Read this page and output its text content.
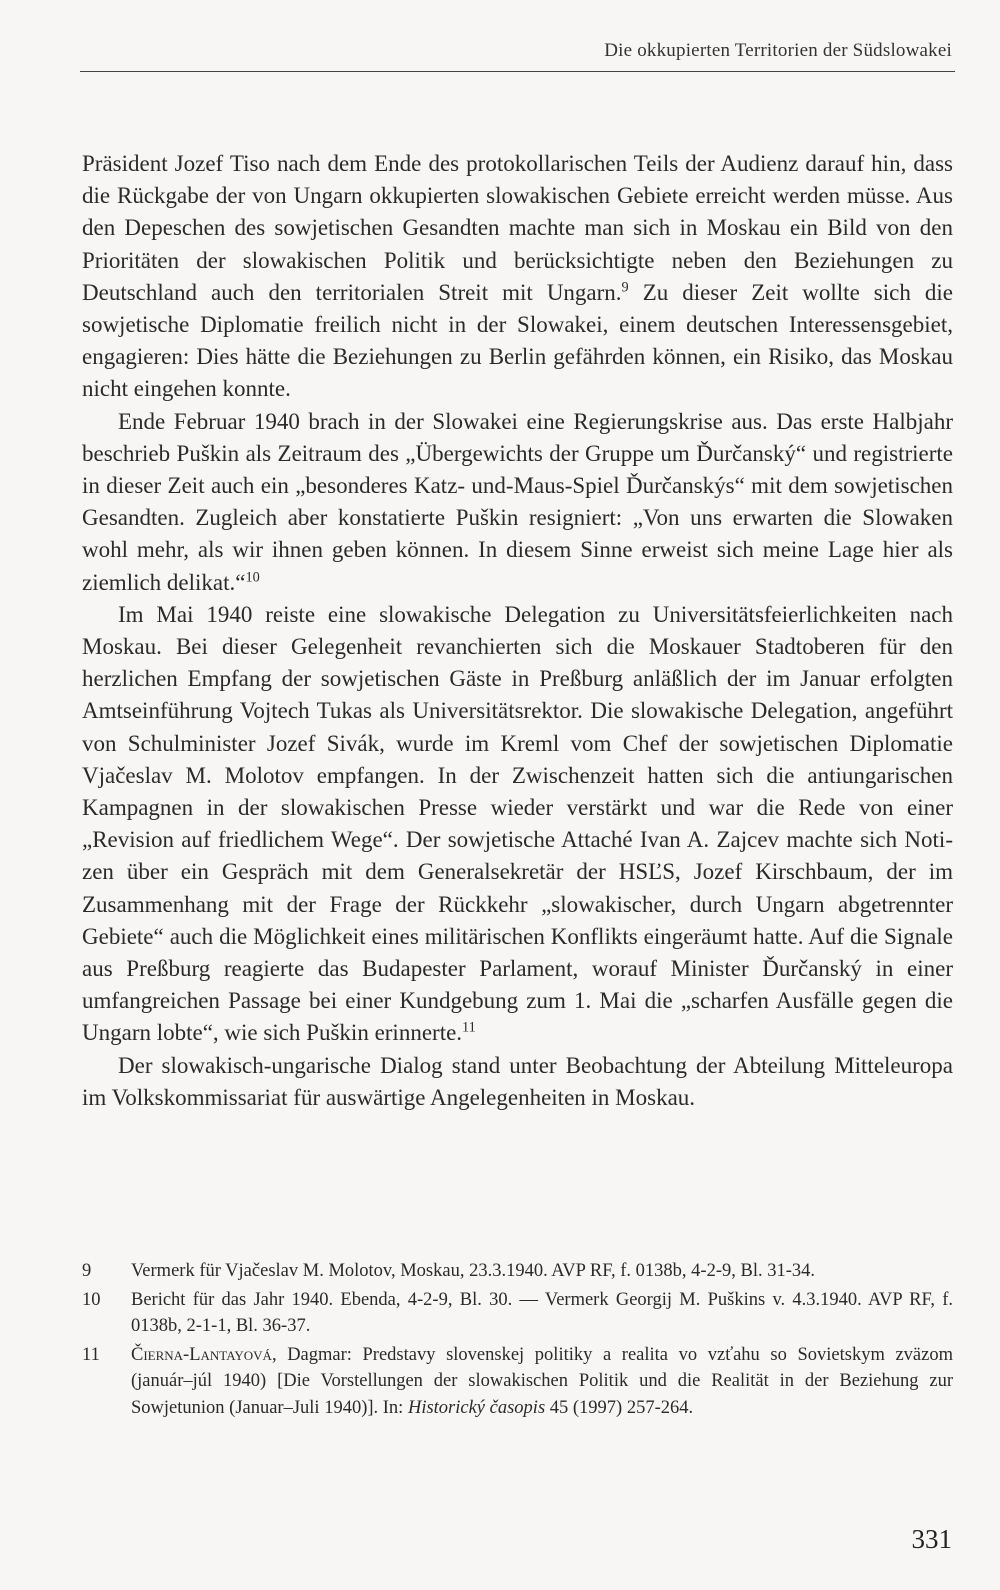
Die okkupierten Territorien der Südslowakei

Präsident Jozef Tiso nach dem Ende des protokollarischen Teils der Audienz darauf hin, dass die Rückgabe der von Ungarn okkupierten slowakischen Gebiete erreicht werden müsse. Aus den Depeschen des sowjetischen Gesandten machte man sich in Moskau ein Bild von den Prioritäten der slowakischen Politik und berücksichtigte neben den Beziehungen zu Deutschland auch den territorialen Streit mit Ungarn.$^9$ Zu dieser Zeit wollte sich die sowjetische Diplomatie freilich nicht in der Slowakei, einem deutschen Interessensgebiet, engagieren: Dies hätte die Beziehungen zu Berlin gefährden können, ein Risiko, das Moskau nicht eingehen konnte.

Ende Februar 1940 brach in der Slowakei eine Regierungskrise aus. Das erste Halbjahr beschrieb Puškin als Zeitraum des „Übergewichts der Gruppe um Ďurčanský“ und registrierte in dieser Zeit auch ein „besonderes Katz- und-Maus-Spiel Ďurčanskýs“ mit dem sowjetischen Gesandten. Zugleich aber konstatierte Puškin resigniert: „Von uns erwarten die Slowaken wohl mehr, als wir ihnen geben können. In diesem Sinne erweist sich meine Lage hier als ziemlich delikat.“$^{10}$

Im Mai 1940 reiste eine slowakische Delegation zu Universitätsfeierlichkeiten nach Moskau. Bei dieser Gelegenheit revanchierten sich die Moskauer Stadtoberen für den herzlichen Empfang der sowjetischen Gäste in Preßburg anläßlich der im Januar erfolgten Amtseinführung Vojtech Tukas als Universitätsrektor. Die slowakische Delegation, angeführt von Schulminister Jozef Sivák, wurde im Kreml vom Chef der sowjetischen Diplomatie Vjačeslav M. Molotov empfangen. In der Zwischenzeit hatten sich die antiungarischen Kampagnen in der slowakischen Presse wieder verstärkt und war die Rede von einer „Revision auf friedlichem Wege“. Der sowjetische Attaché Ivan A. Zajcev machte sich Notizen über ein Gespräch mit dem Generalsekretär der HSĽS, Jozef Kirschbaum, der im Zusammenhang mit der Frage der Rückkehr „slowakischer, durch Ungarn abgetrennter Gebiete“ auch die Möglichkeit eines militärischen Konflikts eingeräumt hatte. Auf die Signale aus Preßburg reagierte das Budapester Parlament, worauf Minister Ďurčanský in einer umfangreichen Passage bei einer Kundgebung zum 1. Mai die „scharfen Ausfälle gegen die Ungarn lobte“, wie sich Puškin erinnerte.$^{11}$

Der slowakisch-ungarische Dialog stand unter Beobachtung der Abteilung Mitteleuropa im Volkskommissariat für auswärtige Angelegenheiten in Moskau.

9 Vermerk für Vjačeslav M. Molotov, Moskau, 23.3.1940. AVP RF, f. 0138b, 4-2-9, Bl. 31-34.
10 Bericht für das Jahr 1940. Ebenda, 4-2-9, Bl. 30. — Vermerk Georgij M. Puškins v. 4.3.1940. AVP RF, f. 0138b, 2-1-1, Bl. 36-37.
11 Čierna-Lantayová, Dagmar: Predstavy slovenskej politiky a realita vo vzťahu so Sovietskym zväzom (január–júl 1940) [Die Vorstellungen der slowakischen Politik und die Realität in der Beziehung zur Sowjetunion (Januar–Juli 1940)]. In: Historický časopis 45 (1997) 257-264.
331
